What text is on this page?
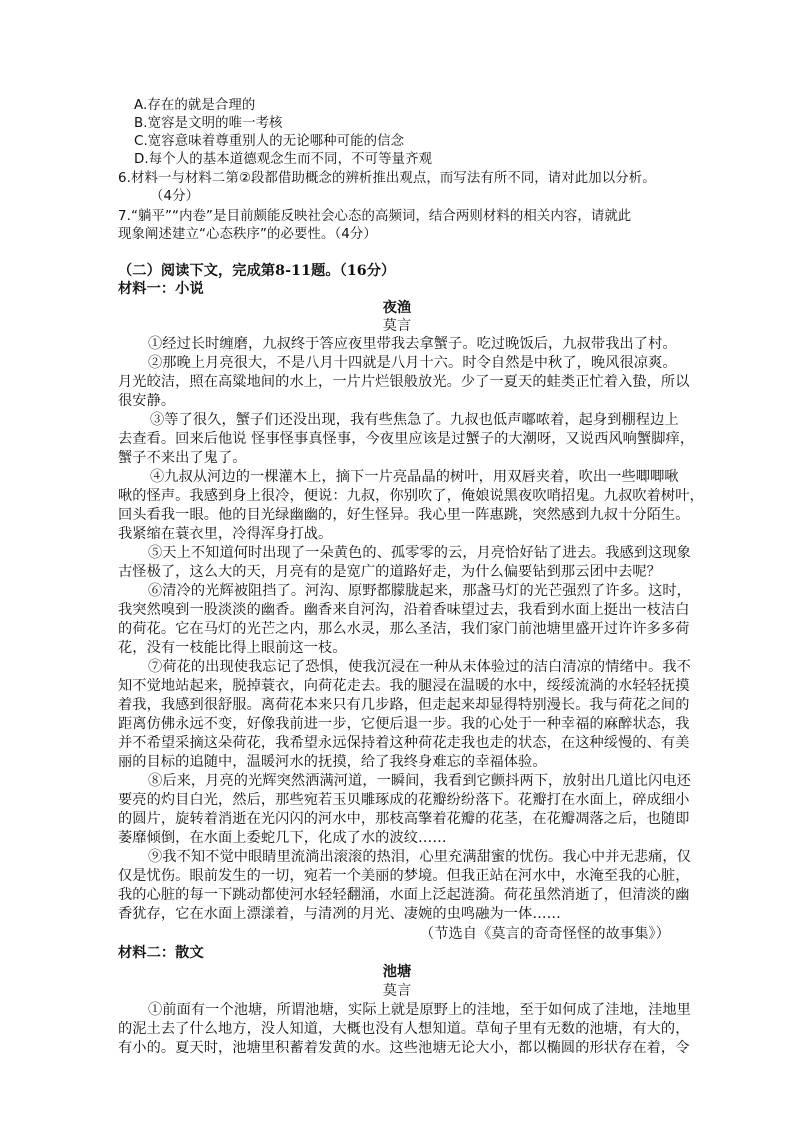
A.存在的就是合理的
B.宽容是文明的唯一考核
C.宽容意味着尊重别人的无论哪种可能的信念
D.每个人的基本道德观念生而不同，不可等量齐观
6.材料一与材料二第②段都借助概念的辨析推出观点，而写法有所不同，请对此加以分析。
（4分）
7.“躺平”“内卷”是目前颇能反映社会心态的高频词，结合两则材料的相关内容，请就此
现象阐述建立“心态秩序”的必要性。（4分）
（二）阅读下文，完成第8-11题。（16分）
材料一：小说
夜渔
莫言
①经过长时缠磨，九叔终于答应夜里带我去拿蟹子。吃过晚饭后，九叔带我出了村。
②那晚上月亮很大，不是八月十四就是八月十六。时令自然是中秋了，晚风很凉爽。
月光皎洁，照在高粱地间的水上，一片片烂银般放光。少了一夏天的蛙类正忙着入蛰，所以
很安静。
③等了很久，蟹子们还没出现，我有些焦急了。九叔也低声嘟哝着，起身到棚程边上
去查看。回来后他说 怪事怪事真怪事，今夜里应该是过蟹子的大潮呀，又说西风响蟹脚痒，
蟹子不来出了鬼了。
④九叔从河边的一棵灌木上，摘下一片亮晶晶的树叶，用双唇夹着，吹出一些唧唧啾
啾的怪声。我感到身上很冷，便说：九叔，你别吹了，俺娘说黑夜吹哨招鬼。九叔吹着树叶，
回头看我一眼。他的目光绿幽幽的，好生怪异。我心里一阵惠跳，突然感到九叔十分陌生。
我紧缩在蓑衣里，冷得浑身打战。
⑤天上不知道何时出现了一朵黄色的、孤零零的云，月亮恰好钻了进去。我感到这现象
古怪极了，这么大的天，月亮有的是宽广的道路好走，为什么偏要钻到那云团中去呢？
⑥清冷的光辉被阻挡了。河沟、原野都朦胧起来，那盏马灯的光芒强烈了许多。这时，
我突然嗅到一股淡淡的幽香。幽香来自河沟，沿着香味望过去，我看到水面上挺出一枝洁白
的荷花。它在马灯的光芒之内，那么水灵，那么圣洁，我们家门前池塘里盛开过许许多多荷
花，没有一枝能比得上眼前这一枝。
⑦荷花的出现使我忘记了恐惧，使我沉浸在一种从未体验过的洁白清凉的情绪中。我不
知不觉地站起来，脱掉蓑衣，向荷花走去。我的腿浸在温暖的水中，绥绥流淌的水轻轻抚摸
着我，我感到很舒服。离荷花本来只有几步路，但走起来却显得特别漫长。我与荷花之间的
距离仿佛永远不变，好像我前进一步，它便后退一步。我的心处于一种幸福的麻醉状态，我
并不希望采摘这朵荷花，我希望永远保持着这种荷花走我也走的状态，在这种绥慢的、有美
丽的目标的追随中，温暖河水的抚摸，给了我终身难忘的幸福体验。
⑧后来，月亮的光辉突然洒满河道，一瞬间，我看到它颤抖两下，放射出几道比闪电还
要亮的灼目白光，然后，那些宛若玉贝雕琢成的花瓣纷纷落下。花瓣打在水面上，碎成细小
的圆片，旋转着消逝在光闪闪的河水中，那枝高擎着花瓣的花茎，在花瓣凋落之后，也随即
萎靡倾倒，在水面上委蛇几下，化成了水的波纹……
⑨我不知不觉中眼睛里流淌出滚滚的热泪，心里充满甜蜜的忧伤。我心中并无悲痛，仅
仅是忧伤。眼前发生的一切，宛若一个美丽的梦境。但我正站在河水中，水淹至我的心脏，
我的心脏的每一下跳动都使河水轻轻翻涌，水面上泛起涟漪。荷花虽然消逝了，但清淡的幽
香犹存，它在水面上漂漾着，与清冽的月光、凄婉的虫鸣融为一体……
（节选自《莫言的奇奇怪怪的故事集》）
材料二：散文
池塘
莫言
①前面有一个池塘，所谓池塘，实际上就是原野上的洼地，至于如何成了洼地，洼地里
的泥土去了什么地方，没人知道，大概也没有人想知道。草甸子里有无数的池塘，有大的，
有小的。夏天时，池塘里积蓄着发黄的水。这些池塘无论大小，都以椭圆的形状存在着，令
